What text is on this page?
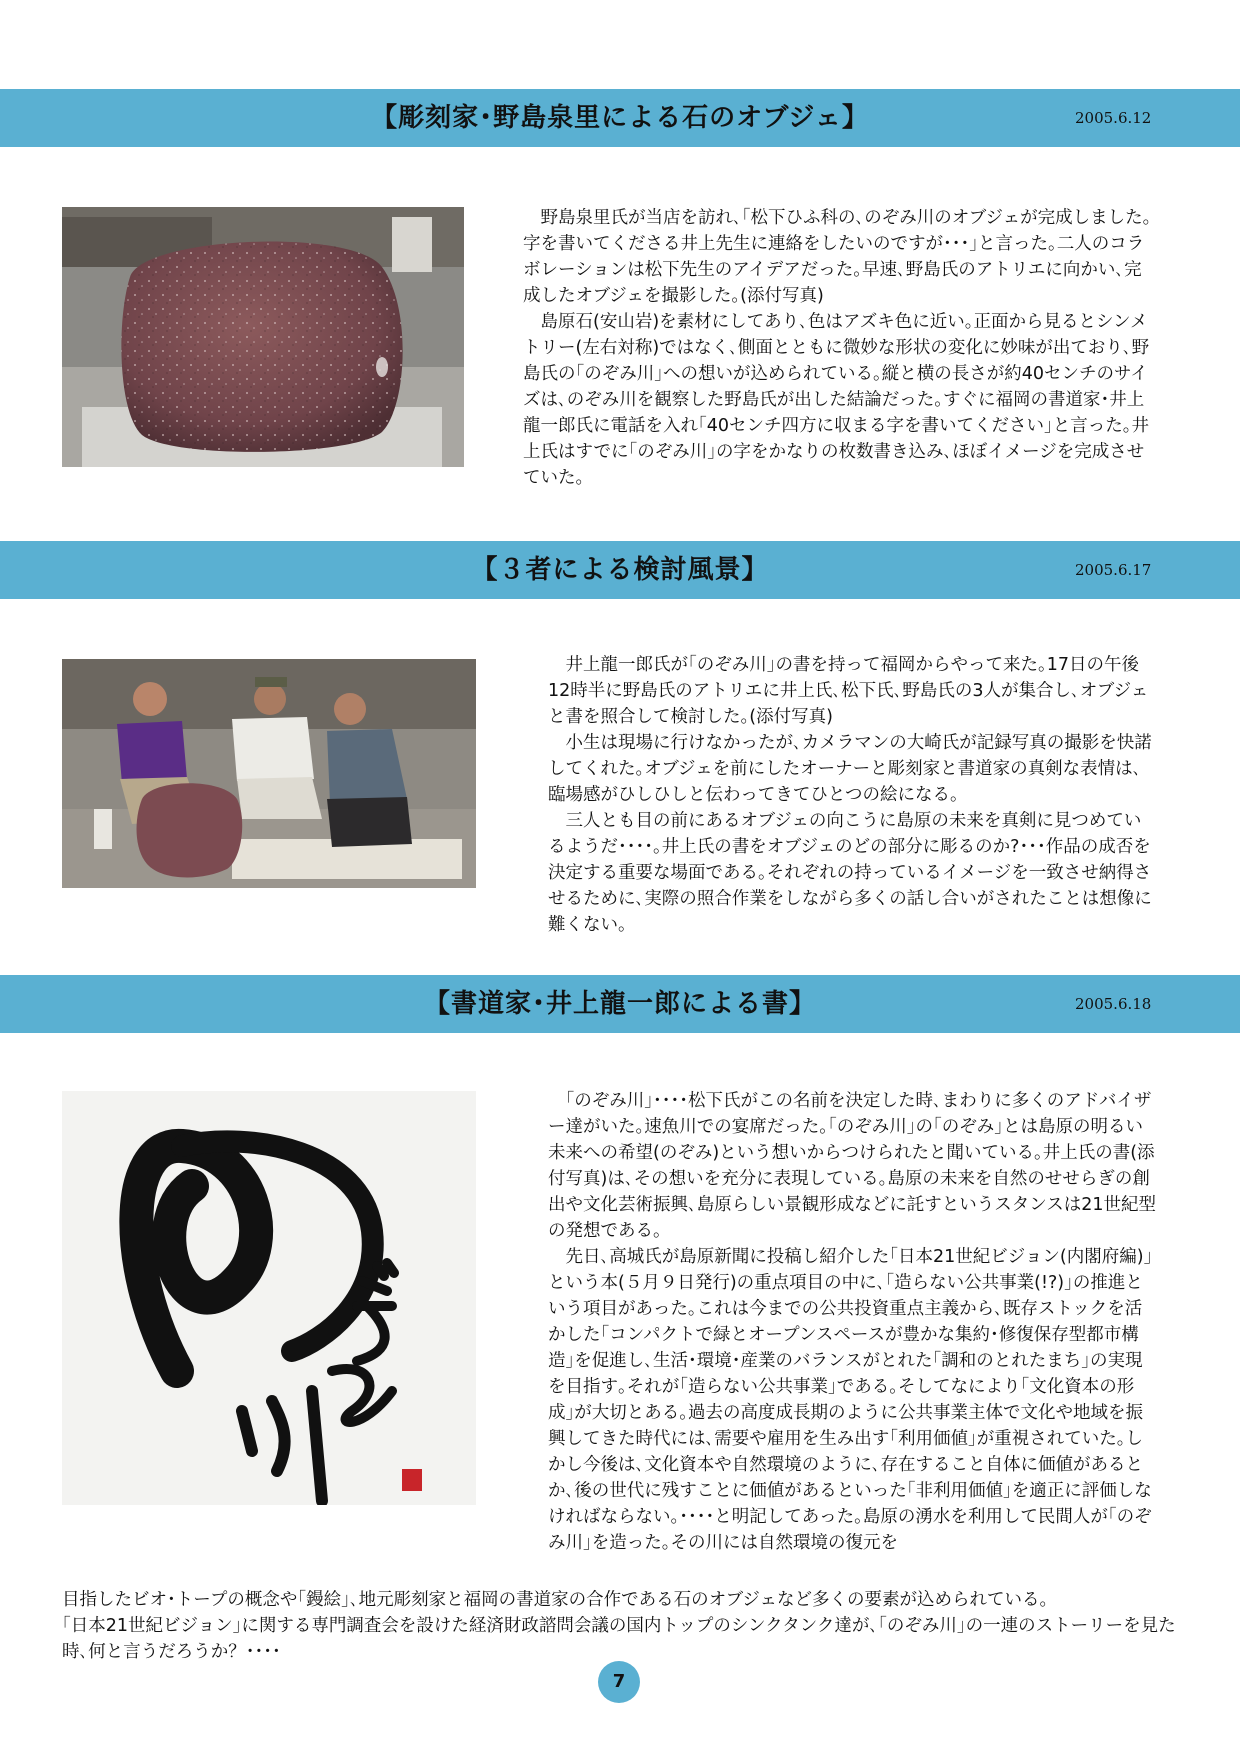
【彫刻家･野島泉里による石のオブジェ】	2005.6.12

野島泉里氏が当店を訪れ､｢松下ひふ科の､のぞみ川のオブジェが完成しました｡字を書いてくださる井上先生に連絡をしたいのですが･･･｣と言った｡二人のコラボレーションは松下先生のアイデアだった｡早速､野島氏のアトリエに向かい､完成したオブジェを撮影した｡(添付写真)

島原石(安山岩)を素材にしてあり､色はアズキ色に近い｡正面から見るとシンメトリー(左右対称)ではなく､側面とともに微妙な形状の変化に妙味が出ており､野島氏の｢のぞみ川｣への想いが込められている｡縦と横の長さが約40センチのサイズは､のぞみ川を観察した野島氏が出した結論だった｡すぐに福岡の書道家･井上龍一郎氏に電話を入れ｢40センチ四方に収まる字を書いてください｣と言った｡井上氏はすでに｢のぞみ川｣の字をかなりの枚数書き込み､ほぼイメージを完成させていた｡

【３者による検討風景】	2005.6.17

井上龍一郎氏が｢のぞみ川｣の書を持って福岡からやって来た｡17日の午後12時半に野島氏のアトリエに井上氏､松下氏､野島氏の3人が集合し､オブジェと書を照合して検討した｡(添付写真)

小生は現場に行けなかったが､カメラマンの大崎氏が記録写真の撮影を快諾してくれた｡オブジェを前にしたオーナーと彫刻家と書道家の真剣な表情は､臨場感がひしひしと伝わってきてひとつの絵になる｡

三人とも目の前にあるオブジェの向こうに島原の未来を真剣に見つめているようだ････｡井上氏の書をオブジェのどの部分に彫るのか?･･･作品の成否を決定する重要な場面である｡それぞれの持っているイメージを一致させ納得させるために､実際の照合作業をしながら多くの話し合いがされたことは想像に難くない｡

【書道家･井上龍一郎による書】	2005.6.18

｢のぞみ川｣････松下氏がこの名前を決定した時､まわりに多くのアドバイザー達がいた｡速魚川での宴席だった｡｢のぞみ川｣の｢のぞみ｣とは島原の明るい未来への希望(のぞみ)という想いからつけられたと聞いている｡井上氏の書(添付写真)は､その想いを充分に表現している｡島原の未来を自然のせせらぎの創出や文化芸術振興､島原らしい景観形成などに託すというスタンスは21世紀型の発想である｡

先日､高城氏が島原新聞に投稿し紹介した｢日本21世紀ビジョン(内閣府編)｣という本(５月９日発行)の重点項目の中に､｢造らない公共事業(!?)｣の推進という項目があった｡これは今までの公共投資重点主義から､既存ストックを活かした｢コンパクトで緑とオープンスペースが豊かな集約･修復保存型都市構造｣を促進し､生活･環境･産業のバランスがとれた｢調和のとれたまち｣の実現を目指す｡それが｢造らない公共事業｣である｡そしてなにより｢文化資本の形成｣が大切とある｡過去の高度成長期のように公共事業主体で文化や地域を振興してきた時代には､需要や雇用を生み出す｢利用価値｣が重視されていた｡しかし今後は､文化資本や自然環境のように､存在すること自体に価値があるとか､後の世代に残すことに価値があるといった｢非利用価値｣を適正に評価しなければならない｡････と明記してあった｡島原の湧水を利用して民間人が｢のぞみ川｣を造った｡その川には自然環境の復元を

目指したビオ･トープの概念や｢鏝絵｣､地元彫刻家と福岡の書道家の合作である石のオブジェなど多くの要素が込められている｡

｢日本21世紀ビジョン｣に関する専門調査会を設けた経済財政諮問会議の国内トップのシンクタンク達が､｢のぞみ川｣の一連のストーリーを見た時､何と言うだろうか？････

7
